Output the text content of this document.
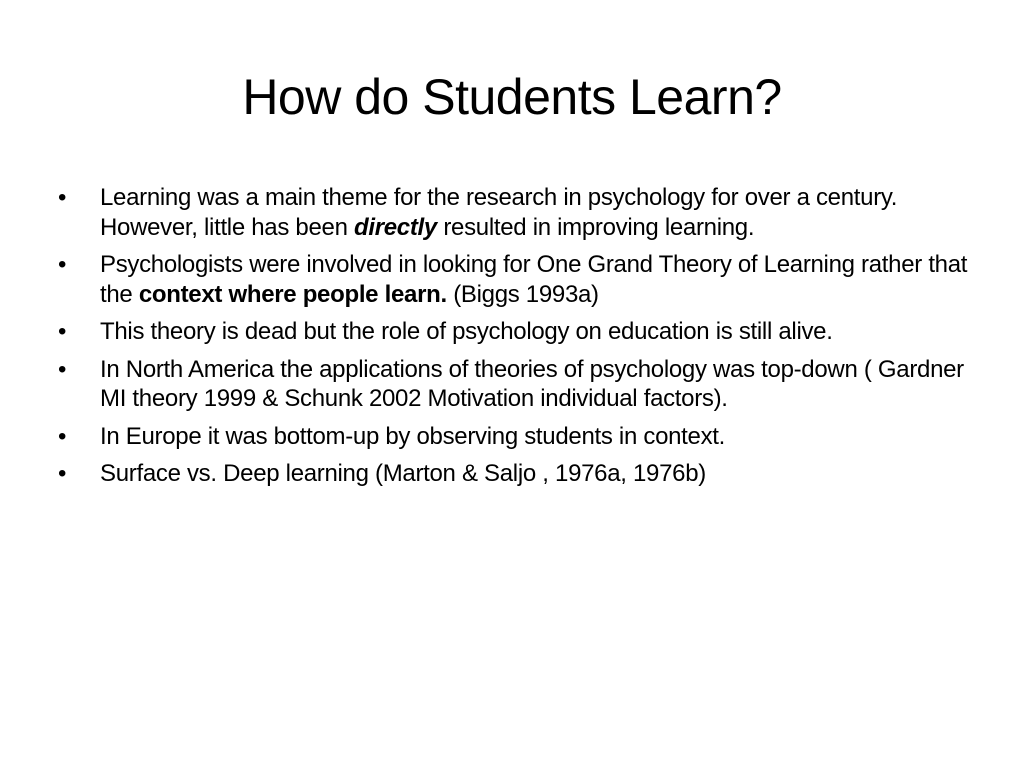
How do Students Learn?
•	Learning was a main theme for the research in psychology for over a century. However, little has been directly resulted in improving learning.
•	Psychologists were involved in looking for One Grand Theory of Learning rather that the context where people learn. (Biggs 1993a)
•	This theory is dead but the role of psychology on education is still alive.
•	In North America the applications of theories of psychology was top-down ( Gardner MI theory 1999 & Schunk 2002 Motivation individual factors).
•	In Europe it was bottom-up by observing students in context.
•	Surface vs. Deep learning (Marton & Saljo , 1976a, 1976b)
